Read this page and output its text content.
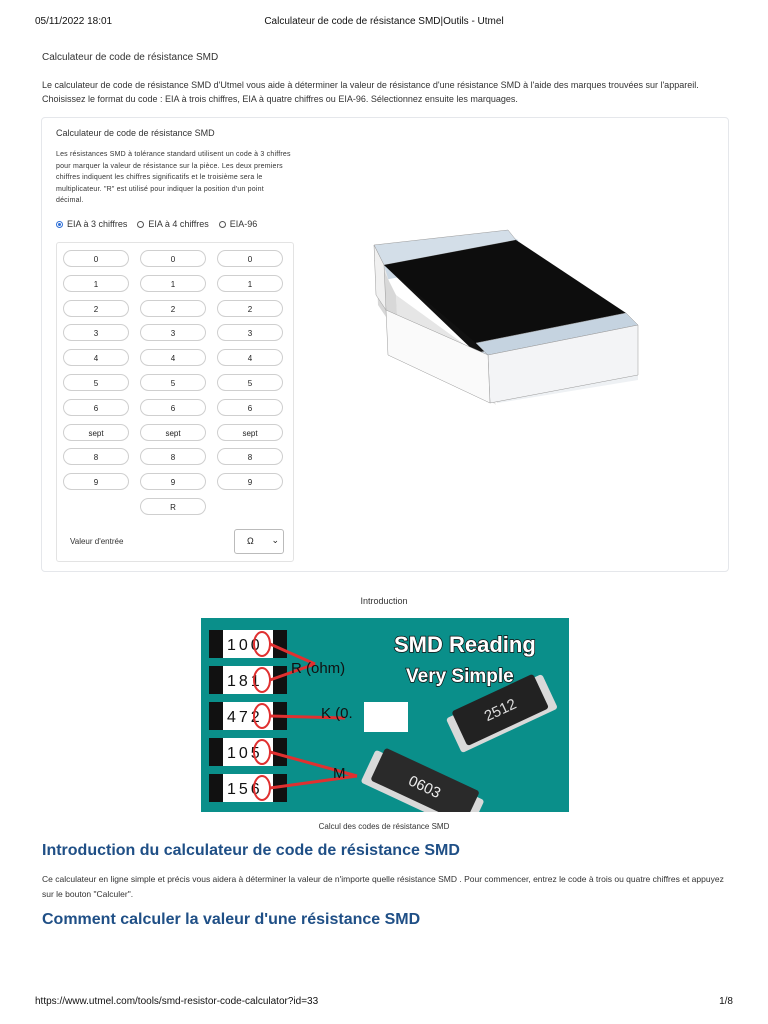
05/11/2022 18:01	Calculateur de code de résistance SMD|Outils - Utmel
Calculateur de code de résistance SMD
Le calculateur de code de résistance SMD d'Utmel vous aide à déterminer la valeur de résistance d'une résistance SMD à l'aide des marques trouvées sur l'appareil. Choisissez le format du code : EIA à trois chiffres, EIA à quatre chiffres ou EIA-96. Sélectionnez ensuite les marquages.
Calculateur de code de résistance SMD
Les résistances SMD à tolérance standard utilisent un code à 3 chiffres pour marquer la valeur de résistance sur la pièce. Les deux premiers chiffres indiquent les chiffres significatifs et le troisième sera le multiplicateur. "R" est utilisé pour indiquer la position d'un point décimal.
EIA à 3 chiffres EIA à 4 chiffres EIA-96
0	0	0
1	1	1
2	2	2
3	3	3
4	4	4
5	5	5
6	6	6
sept	sept	sept
8	8	8
9	9	9
R
Valeur d'entrée	Ω ⌄
Introduction
100
181
472
105
156
R (ohm)
K (0.
M
SMD Reading
Very Simple
2512
0603
Calcul des codes de résistance SMD
Introduction du calculateur de code de résistance SMD
Ce calculateur en ligne simple et précis vous aidera à déterminer la valeur de n'importe quelle résistance SMD . Pour commencer, entrez le code à trois ou quatre chiffres et appuyez sur le bouton "Calculer".
Comment calculer la valeur d'une résistance SMD
https://www.utmel.com/tools/smd-resistor-code-calculator?id=33	1/8
